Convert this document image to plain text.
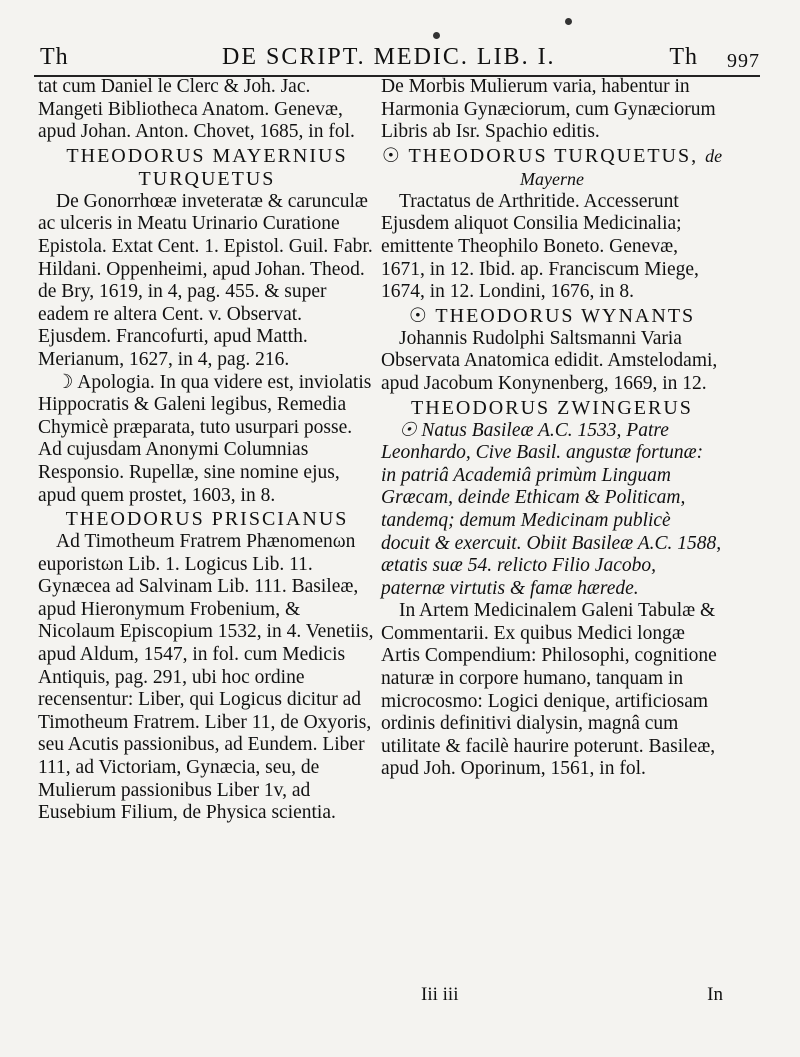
Th	DE SCRIPT. MEDIC. LIB. I.	Th 997

tat cum Daniel le Clerc & Joh. Jac. Mangeti Bibliotheca Anatom. Genevæ, apud Johan. Anton. Chovet, 1685, in fol.

THEODORUS MAYERNIUS TURQUETUS

De Gonorrhœæ inveteratæ & carunculæ ac ulceris in Meatu Urinario Curatione Epistola. Extat Cent. 1. Epistol. Guil. Fabr. Hildani. Oppenheimi, apud Johan. Theod. de Bry, 1619, in 4, pag. 455. & super eadem re altera Cent. v. Observat. Ejusdem. Francofurti, apud Matth. Merianum, 1627, in 4, pag. 216.

☽ Apologia. In qua videre est, inviolatis Hippocratis & Galeni legibus, Remedia Chymicè præparata, tuto usurpari posse. Ad cujusdam Anonymi Columnias Responsio. Rupellæ, sine nomine ejus, apud quem prostet, 1603, in 8.

THEODORUS PRISCIANUS

Ad Timotheum Fratrem Phænomenωn euporistωn Lib. 1. Logicus Lib. 11. Gynæcea ad Salvinam Lib. 111. Basileæ, apud Hieronymum Frobenium, & Nicolaum Episcopium 1532, in 4. Venetiis, apud Aldum, 1547, in fol. cum Medicis Antiquis, pag. 291, ubi hoc ordine recensentur: Liber, qui Logicus dicitur ad Timotheum Fratrem. Liber 11, de Oxyoris, seu Acutis passionibus, ad Eundem. Liber 111, ad Victoriam, Gynæcia, seu, de Mulierum passionibus Liber 1v, ad Eusebium Filium, de Physica scientia.

De Morbis Mulierum varia, habentur in Harmonia Gynæciorum, cum Gynæciorum Libris ab Isr. Spachio editis.

☉ THEODORUS TURQUETUS, de Mayerne

Tractatus de Arthritide. Accesserunt Ejusdem aliquot Consilia Medicinalia; emittente Theophilo Boneto. Genevæ, 1671, in 12. Ibid. ap. Franciscum Miege, 1674, in 12. Londini, 1676, in 8.

☉ THEODORUS WYNANTS

Johannis Rudolphi Saltsmanni Varia Observata Anatomica edidit. Amstelodami, apud Jacobum Konynenberg, 1669, in 12.

THEODORUS ZWINGERUS

☉ Natus Basileæ A.C. 1533, Patre Leonhardo, Cive Basil. angustæ fortunæ: in patriâ Academiâ primùm Linguam Græcam, deinde Ethicam & Politicam, tandemq; demum Medicinam publicè docuit & exercuit. Obiit Basileæ A.C. 1588, ætatis suæ 54. relicto Filio Jacobo, paternæ virtutis & famæ hærede.

In Artem Medicinalem Galeni Tabulæ & Commentarii. Ex quibus Medici longæ Artis Compendium: Philosophi, cognitione naturæ in corpore humano, tanquam in microcosmo: Logici denique, artificiosam ordinis definitivi dialysin, magnâ cum utilitate & facilè haurire poterunt. Basileæ, apud Joh. Oporinum, 1561, in fol.

Iii iii	In
